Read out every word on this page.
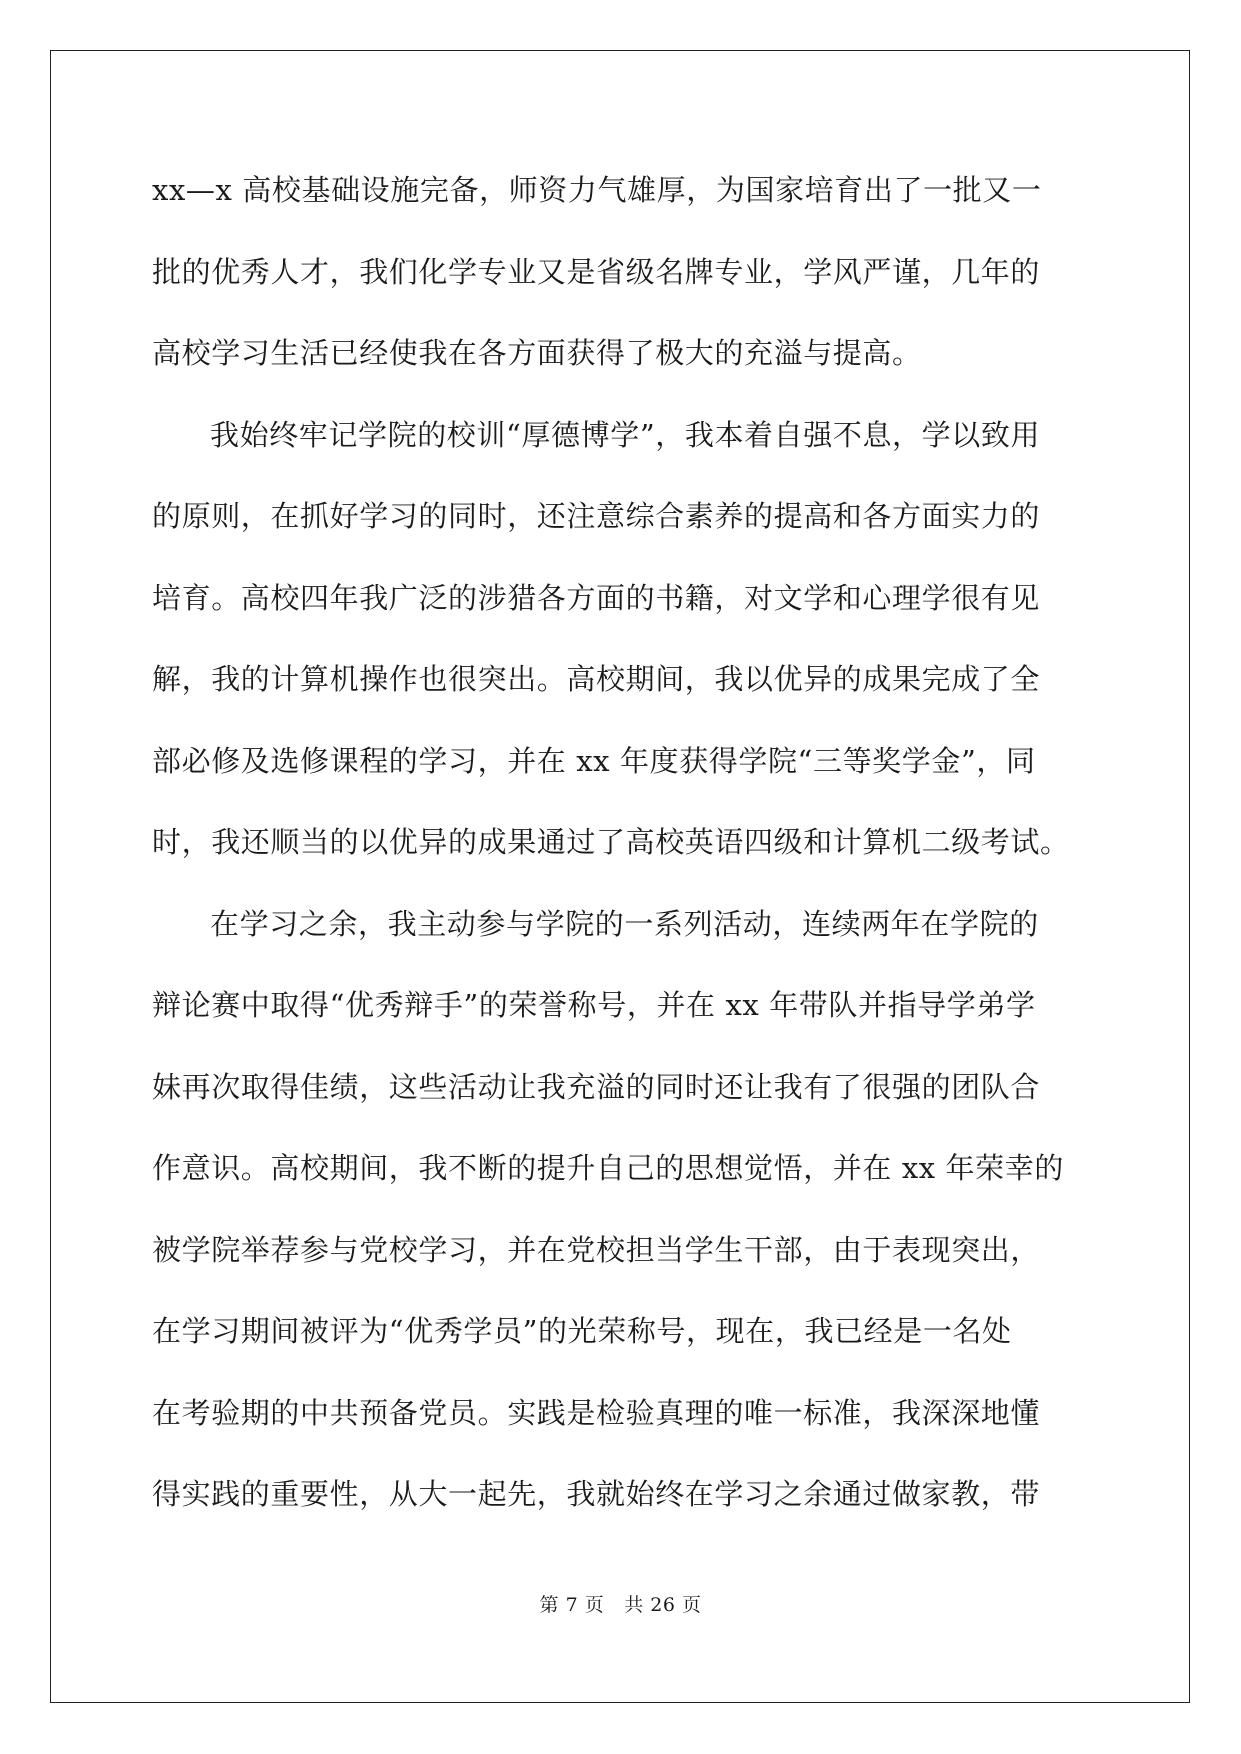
xx—x 高校基础设施完备，师资力气雄厚，为国家培育出了一批又一
批的优秀人才，我们化学专业又是省级名牌专业，学风严谨，几年的
高校学习生活已经使我在各方面获得了极大的充溢与提高。
我始终牢记学院的校训“厚德博学”，我本着自强不息，学以致用
的原则，在抓好学习的同时，还注意综合素养的提高和各方面实力的
培育。高校四年我广泛的涉猎各方面的书籍，对文学和心理学很有见
解，我的计算机操作也很突出。高校期间，我以优异的成果完成了全
部必修及选修课程的学习，并在 xx 年度获得学院“三等奖学金”，同
时，我还顺当的以优异的成果通过了高校英语四级和计算机二级考试。
在学习之余，我主动参与学院的一系列活动，连续两年在学院的
辩论赛中取得“优秀辩手”的荣誉称号，并在 xx 年带队并指导学弟学
妹再次取得佳绩，这些活动让我充溢的同时还让我有了很强的团队合
作意识。高校期间，我不断的提升自己的思想觉悟，并在 xx 年荣幸的
被学院举荐参与党校学习，并在党校担当学生干部，由于表现突出，
在学习期间被评为“优秀学员”的光荣称号，现在，我已经是一名处
在考验期的中共预备党员。实践是检验真理的唯一标准，我深深地懂
得实践的重要性，从大一起先，我就始终在学习之余通过做家教，带
第 7 页 共 26 页
